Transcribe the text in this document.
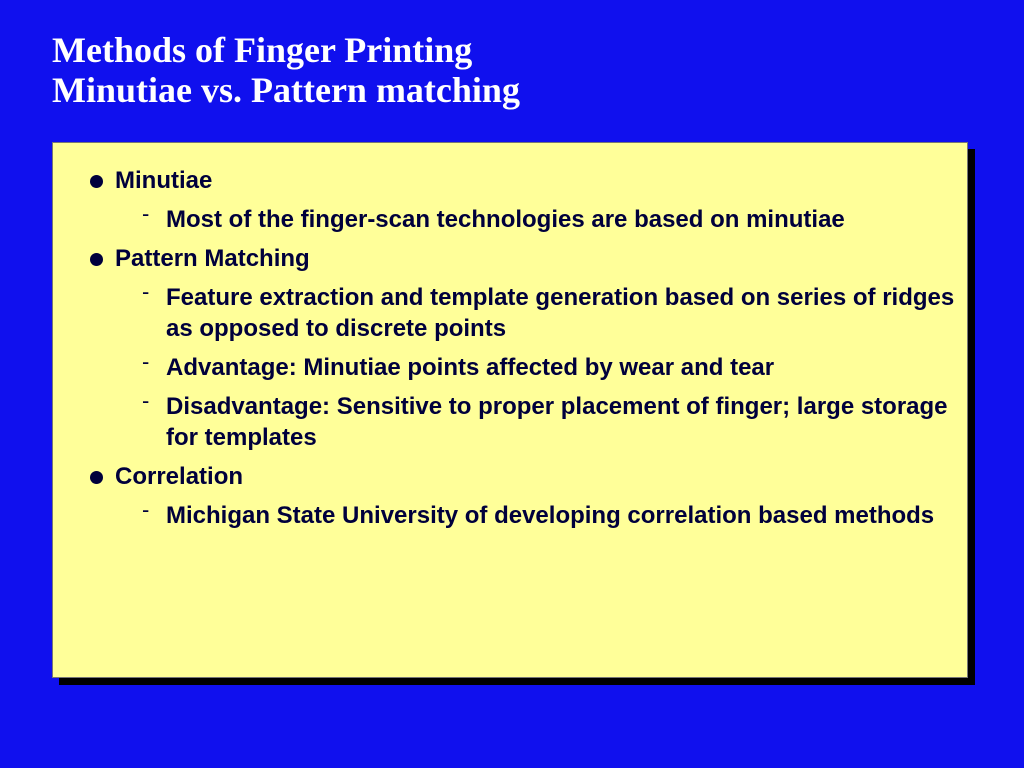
Methods of Finger Printing
Minutiae vs. Pattern matching
Minutiae
- Most of the finger-scan technologies are based on minutiae
Pattern Matching
- Feature extraction and template generation based on series of ridges as opposed to discrete points
- Advantage: Minutiae points affected by wear and tear
- Disadvantage: Sensitive to proper placement of finger; large storage for templates
Correlation
- Michigan State University of developing correlation based methods
